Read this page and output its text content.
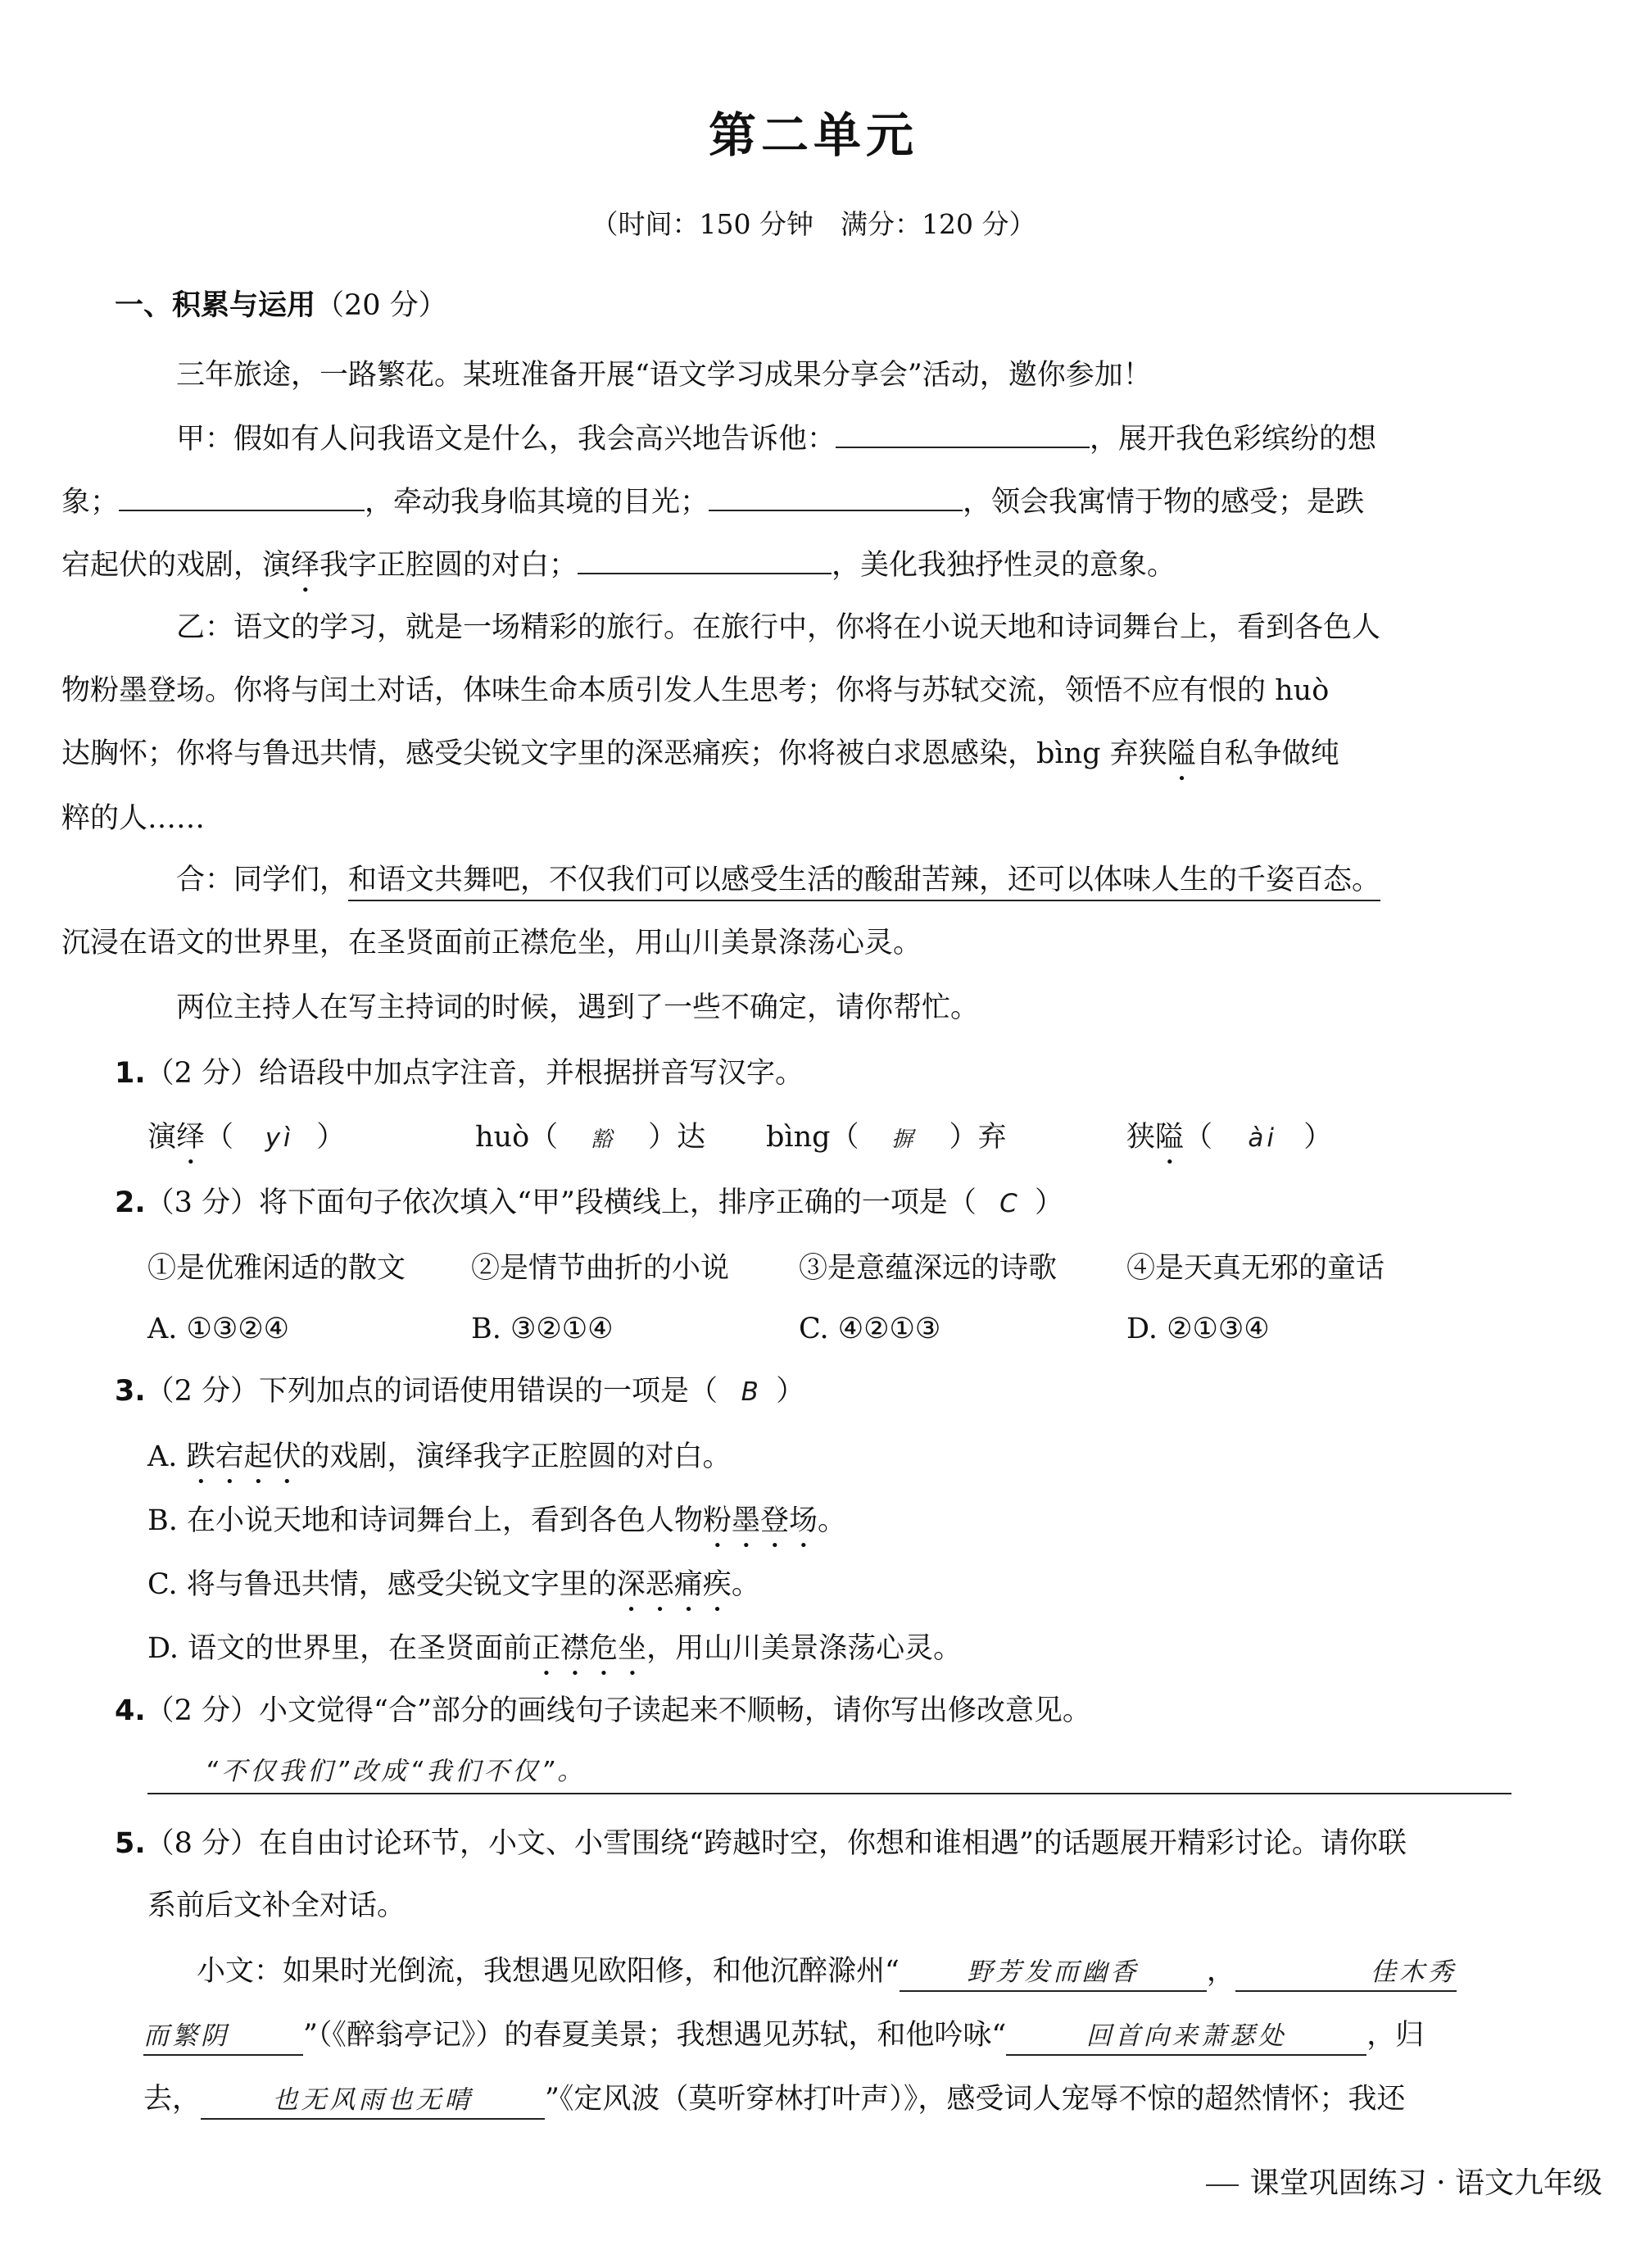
第二单元
（时间：150 分钟　满分：120 分）
一、积累与运用（20 分）
三年旅途，一路繁花。某班准备开展“语文学习成果分享会”活动，邀你参加！
甲：假如有人问我语文是什么，我会高兴地告诉他：	，展开我色彩缤纷的想
象；	，牵动我身临其境的目光；	，领会我寓情于物的感受；是跌
宕起伏的戏剧，演绎我字正腔圆的对白；	，美化我独抒性灵的意象。
乙：语文的学习，就是一场精彩的旅行。在旅行中，你将在小说天地和诗词舞台上，看到各色人
物粉墨登场。你将与闰土对话，体味生命本质引发人生思考；你将与苏轼交流，领悟不应有恨的 huò
达胸怀；你将与鲁迅共情，感受尖锐文字里的深恶痛疾；你将被白求恩感染，bìng 弃狭隘自私争做纯
粹的人……
合：同学们，和语文共舞吧，不仅我们可以感受生活的酸甜苦辣，还可以体味人生的千姿百态。
沉浸在语文的世界里，在圣贤面前正襟危坐，用山川美景涤荡心灵。
两位主持人在写主持词的时候，遇到了一些不确定，请你帮忙。
1.（2 分）给语段中加点字注音，并根据拼音写汉字。
演绎（ yì ）	huò（ 豁 ）达 bìng（ 摒 ）弃	狭隘（ ài ）
2.（3 分）将下面句子依次填入“甲”段横线上，排序正确的一项是（ C ）
①是优雅闲适的散文 ②是情节曲折的小说 ③是意蕴深远的诗歌 ④是天真无邪的童话
A. ①③②④	B. ③②①④	C. ④②①③	D. ②①③④
3.（2 分）下列加点的词语使用错误的一项是（ B ）
A. 跌宕起伏的戏剧，演绎我字正腔圆的对白。
B. 在小说天地和诗词舞台上，看到各色人物粉墨登场。
C. 将与鲁迅共情，感受尖锐文字里的深恶痛疾。
D. 语文的世界里，在圣贤面前正襟危坐，用山川美景涤荡心灵。
4.（2 分）小文觉得“合”部分的画线句子读起来不顺畅，请你写出修改意见。
“不仅我们”改成“我们不仅”。
5.（8 分）在自由讨论环节，小文、小雪围绕“跨越时空，你想和谁相遇”的话题展开精彩讨论。请你联
系前后文补全对话。
小文：如果时光倒流，我想遇见欧阳修，和他沉醉滁州“	野芳发而幽香 ，	佳木秀
而繁阴	”（《醉翁亭记》）的春夏美景；我想遇见苏轼，和他吟咏“	回首向来萧瑟处	，归
去，	也无风雨也无晴	”《定风波（莫听穿林打叶声）》，感受词人宠辱不惊的超然情怀；我还
课堂巩固练习 · 语文九年级
